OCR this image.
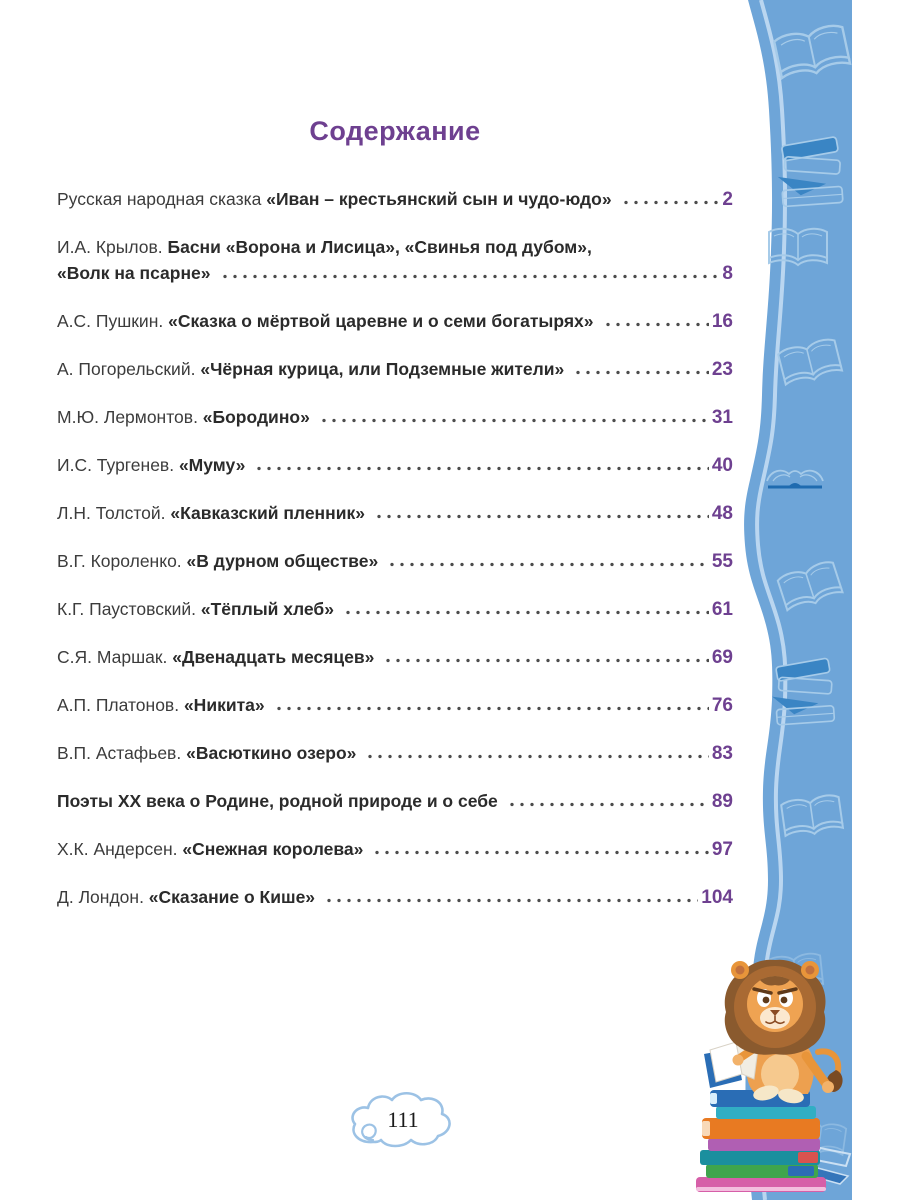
Содержание
Русская народная сказка «Иван – крестьянский сын и чудо-юдо»	2
И.А. Крылов. Басни «Ворона и Лисица», «Свинья под дубом»,
«Волк на псарне»	8
А.С. Пушкин. «Сказка о мёртвой царевне и о семи богатырях»	16
А. Погорельский. «Чёрная курица, или Подземные жители»	23
М.Ю. Лермонтов. «Бородино»	31
И.С. Тургенев. «Муму»	40
Л.Н. Толстой. «Кавказский пленник»	48
В.Г. Короленко. «В дурном обществе»	55
К.Г. Паустовский. «Тёплый хлеб»	61
С.Я. Маршак. «Двенадцать месяцев»	69
А.П. Платонов. «Никита»	76
В.П. Астафьев. «Васюткино озеро»	83
Поэты ХХ века о Родине, родной природе и о себе	89
Х.К. Андерсен. «Снежная королева»	97
Д. Лондон. «Сказание о Кише»	104
111
